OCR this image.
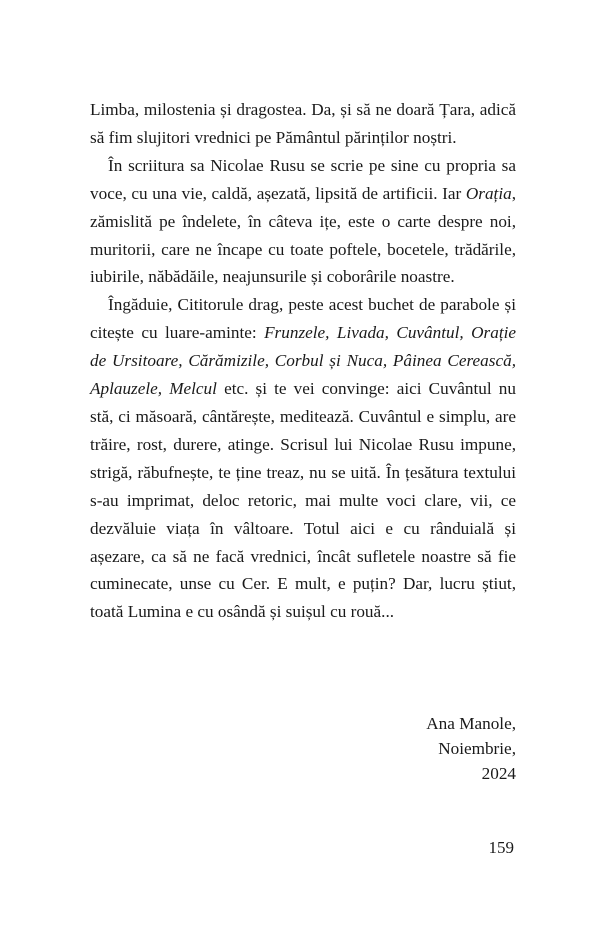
Limba, milostenia și dragostea. Da, și să ne doară Țara, adică să fim slujitori vrednici pe Pământul părinților noștri.

În scriitura sa Nicolae Rusu se scrie pe sine cu propria sa voce, cu una vie, caldă, așezată, lipsită de artificii. Iar Orația, zămislită pe îndelete, în câteva ițe, este o carte despre noi, muritorii, care ne încape cu toate poftele, bocetele, trădările, iubirile, năbădăile, neajunsurile și coborârile noastre.

Îngăduie, Cititorule drag, peste acest buchet de parabole și citește cu luare-aminte: Frunzele, Livada, Cuvântul, Orație de Ursitoare, Cărămizile, Corbul și Nuca, Pâinea Cerească, Aplauzele, Melcul etc. și te vei convinge: aici Cuvântul nu stă, ci măsoară, cântărește, meditează. Cuvântul e simplu, are trăire, rost, durere, atinge. Scrisul lui Nicolae Rusu impune, strigă, răbufnește, te ține treaz, nu se uită. În țesătura textului s-au imprimat, deloc retoric, mai multe voci clare, vii, ce dezvăluie viața în vâltoare. Totul aici e cu rânduială și așezare, ca să ne facă vrednici, încât sufletele noastre să fie cuminecate, unse cu Cer. E mult, e puțin? Dar, lucru știut, toată Lumina e cu osândă și suișul cu rouă...

Ana Manole,
Noiembrie,
2024
159
